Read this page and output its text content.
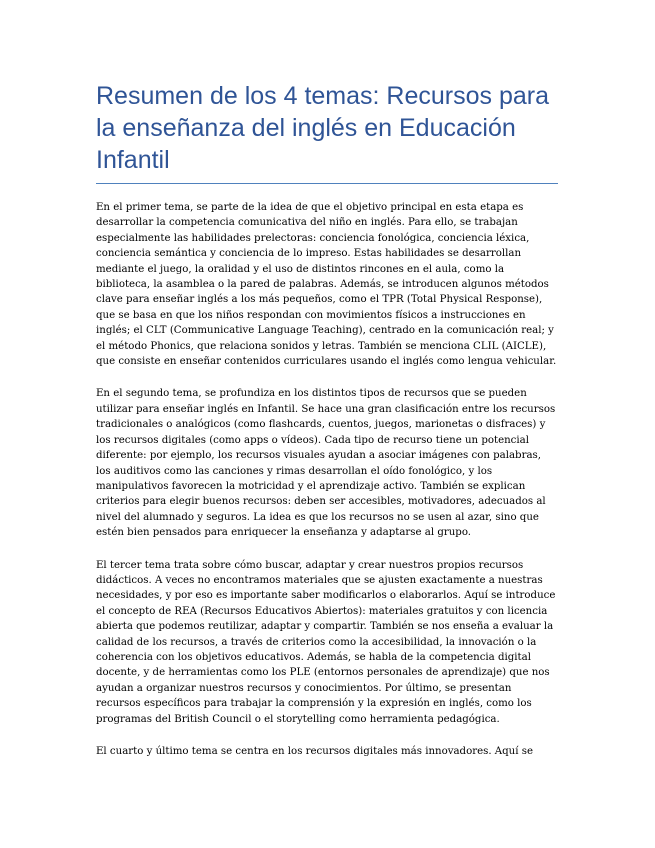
Resumen de los 4 temas: Recursos para la enseñanza del inglés en Educación Infantil

En el primer tema, se parte de la idea de que el objetivo principal en esta etapa es desarrollar la competencia comunicativa del niño en inglés. Para ello, se trabajan especialmente las habilidades prelectoras: conciencia fonológica, conciencia léxica, conciencia semántica y conciencia de lo impreso. Estas habilidades se desarrollan mediante el juego, la oralidad y el uso de distintos rincones en el aula, como la biblioteca, la asamblea o la pared de palabras. Además, se introducen algunos métodos clave para enseñar inglés a los más pequeños, como el TPR (Total Physical Response), que se basa en que los niños respondan con movimientos físicos a instrucciones en inglés; el CLT (Communicative Language Teaching), centrado en la comunicación real; y el método Phonics, que relaciona sonidos y letras. También se menciona CLIL (AICLE), que consiste en enseñar contenidos curriculares usando el inglés como lengua vehicular.

En el segundo tema, se profundiza en los distintos tipos de recursos que se pueden utilizar para enseñar inglés en Infantil. Se hace una gran clasificación entre los recursos tradicionales o analógicos (como flashcards, cuentos, juegos, marionetas o disfraces) y los recursos digitales (como apps o vídeos). Cada tipo de recurso tiene un potencial diferente: por ejemplo, los recursos visuales ayudan a asociar imágenes con palabras, los auditivos como las canciones y rimas desarrollan el oído fonológico, y los manipulativos favorecen la motricidad y el aprendizaje activo. También se explican criterios para elegir buenos recursos: deben ser accesibles, motivadores, adecuados al nivel del alumnado y seguros. La idea es que los recursos no se usen al azar, sino que estén bien pensados para enriquecer la enseñanza y adaptarse al grupo.

El tercer tema trata sobre cómo buscar, adaptar y crear nuestros propios recursos didácticos. A veces no encontramos materiales que se ajusten exactamente a nuestras necesidades, y por eso es importante saber modificarlos o elaborarlos. Aquí se introduce el concepto de REA (Recursos Educativos Abiertos): materiales gratuitos y con licencia abierta que podemos reutilizar, adaptar y compartir. También se nos enseña a evaluar la calidad de los recursos, a través de criterios como la accesibilidad, la innovación o la coherencia con los objetivos educativos. Además, se habla de la competencia digital docente, y de herramientas como los PLE (entornos personales de aprendizaje) que nos ayudan a organizar nuestros recursos y conocimientos. Por último, se presentan recursos específicos para trabajar la comprensión y la expresión en inglés, como los programas del British Council o el storytelling como herramienta pedagógica.

El cuarto y último tema se centra en los recursos digitales más innovadores. Aquí se
